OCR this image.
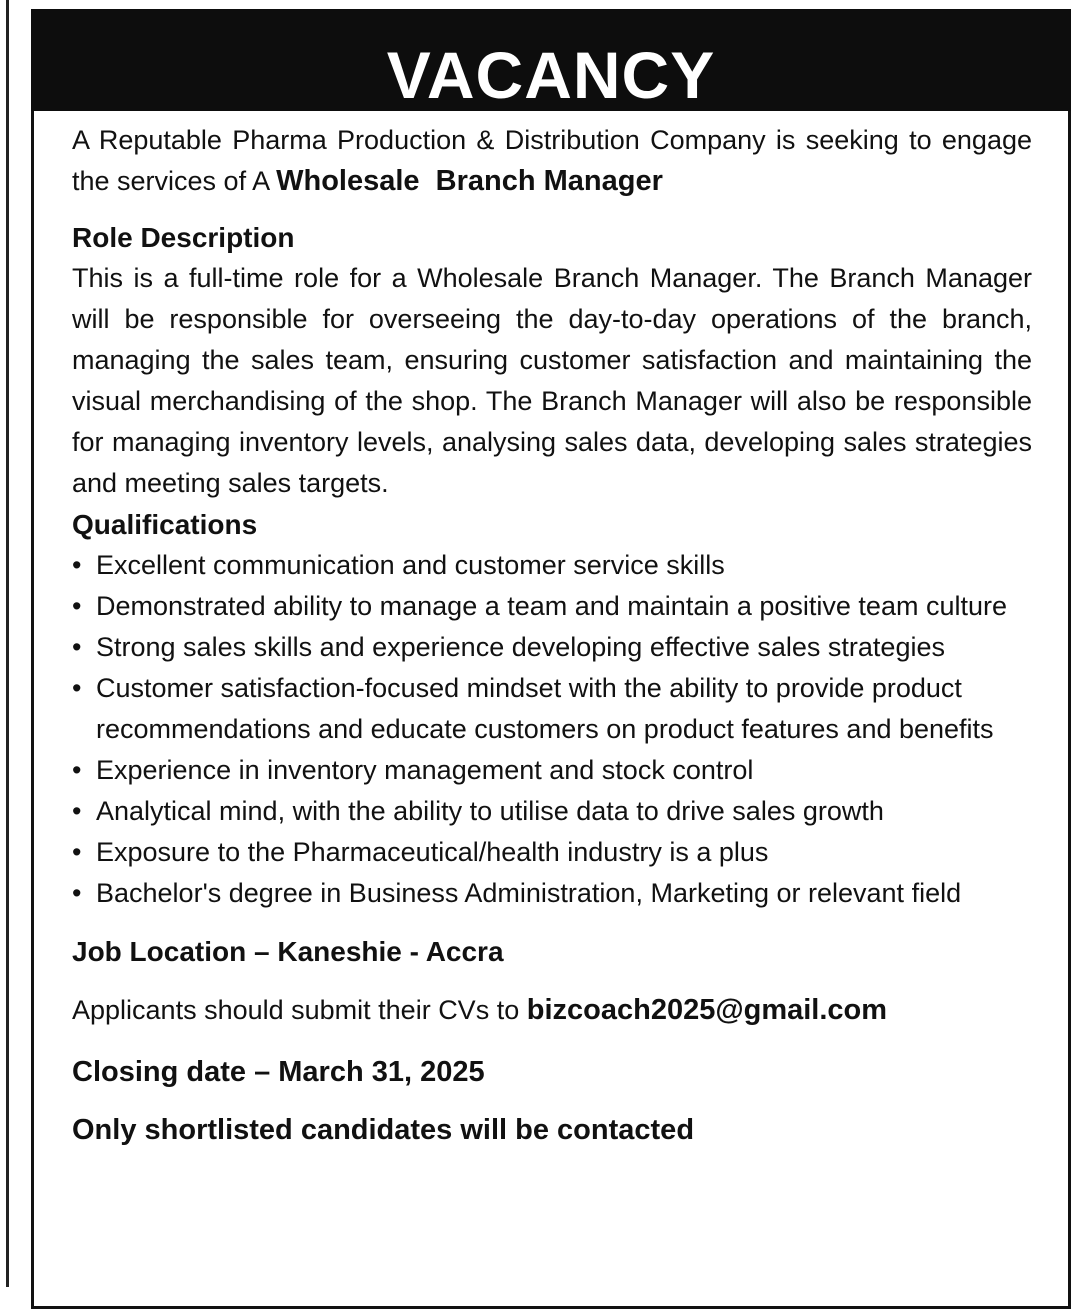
VACANCY

A Reputable Pharma Production & Distribution Company is seeking to engage the services of A Wholesale  Branch Manager

Role Description

This is a full-time role for a Wholesale Branch Manager. The Branch Manager will be responsible for overseeing the day-to-day operations of the branch, managing the sales team, ensuring customer satisfaction and maintaining the visual merchandising of the shop. The Branch Manager will also be responsible for managing inventory levels, analysing sales data, developing sales strategies and meeting sales targets.

Qualifications
• Excellent communication and customer service skills
• Demonstrated ability to manage a team and maintain a positive team culture
• Strong sales skills and experience developing effective sales strategies
• Customer satisfaction-focused mindset with the ability to provide product recommendations and educate customers on product features and benefits
• Experience in inventory management and stock control
• Analytical mind, with the ability to utilise data to drive sales growth
• Exposure to the Pharmaceutical/health industry is a plus
• Bachelor's degree in Business Administration, Marketing or relevant field
Job Location – Kaneshie - Accra
Applicants should submit their CVs to bizcoach2025@gmail.com
Closing date – March 31, 2025
Only shortlisted candidates will be contacted
